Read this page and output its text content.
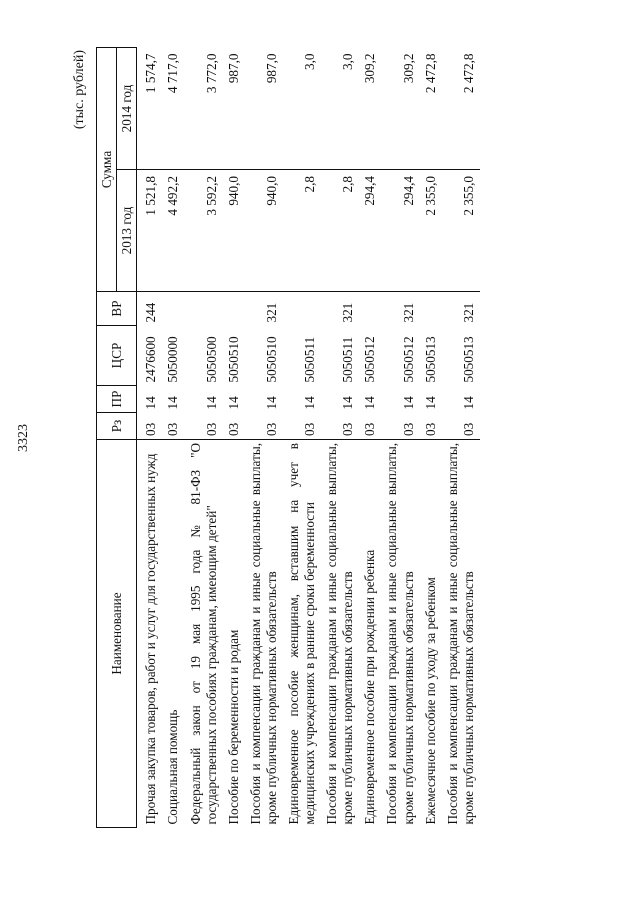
3323
(тыс. рублей)
Наименование	Рз	ПР	ЦСР	ВР	Сумма	
					2013 год	2014 год
Прочая закупка товаров, работ и услуг для государственных нужд	03	14	2476600	244	1 521,8	1 574,7
Социальная помощь	03	14	5050000		4 492,2	4 717,0
Федеральный закон от 19 мая 1995 года № 81-ФЗ "О государственных пособиях гражданам, имеющим детей"	03	14	5050500		3 592,2	3 772,0
Пособие по беременности и родам	03	14	5050510		940,0	987,0
Пособия и компенсации гражданам и иные социальные выплаты, кроме публичных нормативных обязательств	03	14	5050510	321	940,0	987,0
Единовременное пособие женщинам, вставшим на учет в медицинских учреждениях в ранние сроки беременности	03	14	5050511		2,8	3,0
Пособия и компенсации гражданам и иные социальные выплаты, кроме публичных нормативных обязательств	03	14	5050511	321	2,8	3,0
Единовременное пособие при рождении ребенка	03	14	5050512		294,4	309,2
Пособия и компенсации гражданам и иные социальные выплаты, кроме публичных нормативных обязательств	03	14	5050512	321	294,4	309,2
Ежемесячное пособие по уходу за ребенком	03	14	5050513		2 355,0	2 472,8
Пособия и компенсации гражданам и иные социальные выплаты, кроме публичных нормативных обязательств	03	14	5050513	321	2 355,0	2 472,8
